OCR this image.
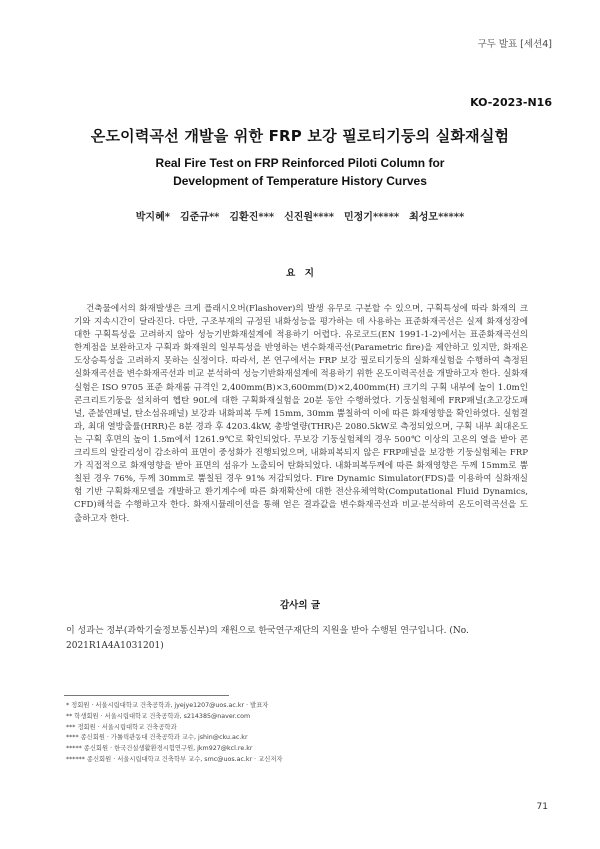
구두 발표 [세션4]
KO-2023-N16
온도이력곡선 개발을 위한 FRP 보강 필로티기둥의 실화재실험
Real Fire Test on FRP Reinforced Piloti Column for
Development of Temperature History Curves
박지혜*　김준규**　김환진***　신진원****　민정기*****　최성모*****
요　지

건축물에서의 화재발생은 크게 플래시오버(Flashover)의 발생 유무로 구분할 수 있으며, 구획특성에 따라 화재의 크기와 지속시간이 달라진다. 다만, 구조부재의 규정된 내화성능을 평가하는 데 사용하는 표준화재곡선은 실제 화재성장에 대한 구획특성을 고려하지 않아 성능기반화재설계에 적용하기 어렵다. 유로코드(EN 1991-1-2)에서는 표준화재곡선의 한계점을 보완하고자 구획과 화재원의 일부특성을 반영하는 변수화재곡선(Parametric fire)을 제안하고 있지만, 화재온도상승특성을 고려하지 못하는 실정이다. 따라서, 본 연구에서는 FRP 보강 필로티기둥의 실화재실험을 수행하여 측정된 실화재곡선을 변수화재곡선과 비교 분석하여 성능기반화재설계에 적용하기 위한 온도이력곡선을 개발하고자 한다. 실화재실험은 ISO 9705 표준 화재룸 규격인 2,400mm(B)×3,600mm(D)×2,400mm(H) 크기의 구획 내부에 높이 1.0m인 콘크리트기둥을 설치하여 헵탄 90L에 대한 구획화재실험을 20분 동안 수행하였다. 기둥실험체에 FRP패널(초고강도패널, 준불연패널, 탄소섬유패널) 보강과 내화피복 두께 15mm, 30mm 뿜칠하여 이에 따른 화재영향을 확인하였다. 실험결과, 최대 열방출률(HRR)은 8분 경과 후 4203.4kW, 총방열량(THR)은 2080.5kW로 측정되었으며, 구획 내부 최대온도는 구획 후면의 높이 1.5m에서 1261.9℃로 확인되었다. 무보강 기둥실험체의 경우 500℃ 이상의 고온의 열을 받아 콘크리트의 알칼리성이 감소하여 표면이 중성화가 진행되었으며, 내화피복되지 않은 FRP패널을 보강한 기둥실험체는 FRP가 직접적으로 화재영향을 받아 표면의 섬유가 노출되어 탄화되었다. 내화피복두께에 따른 화재영향은 두께 15mm로 뿜칠된 경우 76%, 두께 30mm로 뿜칠된 경우 91% 저감되었다. Fire Dynamic Simulator(FDS)를 이용하여 실화재실험 기반 구획화재모델을 개발하고 환기계수에 따른 화재확산에 대한 전산유체역학(Computational Fluid Dynamics, CFD)해석을 수행하고자 한다. 화재시뮬레이션을 통해 얻은 결과값을 변수화재곡선과 비교·분석하여 온도이력곡선을 도출하고자 한다.

감사의 글

이 성과는 정부(과학기술정보통신부)의 재원으로 한국연구재단의 지원을 받아 수행된 연구입니다. (No. 2021R1A4A1031201)

* 정회원 · 서울시립대학교 건축공학과, jyejye1207@uos.ac.kr · 발표자
** 학생회원 · 서울시립대학교 건축공학과, s214385@naver.com
*** 정회원 · 서울시립대학교 건축공학과
**** 종신회원 · 가톨릭관동대 건축공학과 교수, jshin@cku.ac.kr
***** 종신회원 · 한국건설생활환경시험연구원, jkm927@kcl.re.kr
****** 종신회원 · 서울시립대학교 건축학부 교수, smc@uos.ac.kr · 교신저자
71
